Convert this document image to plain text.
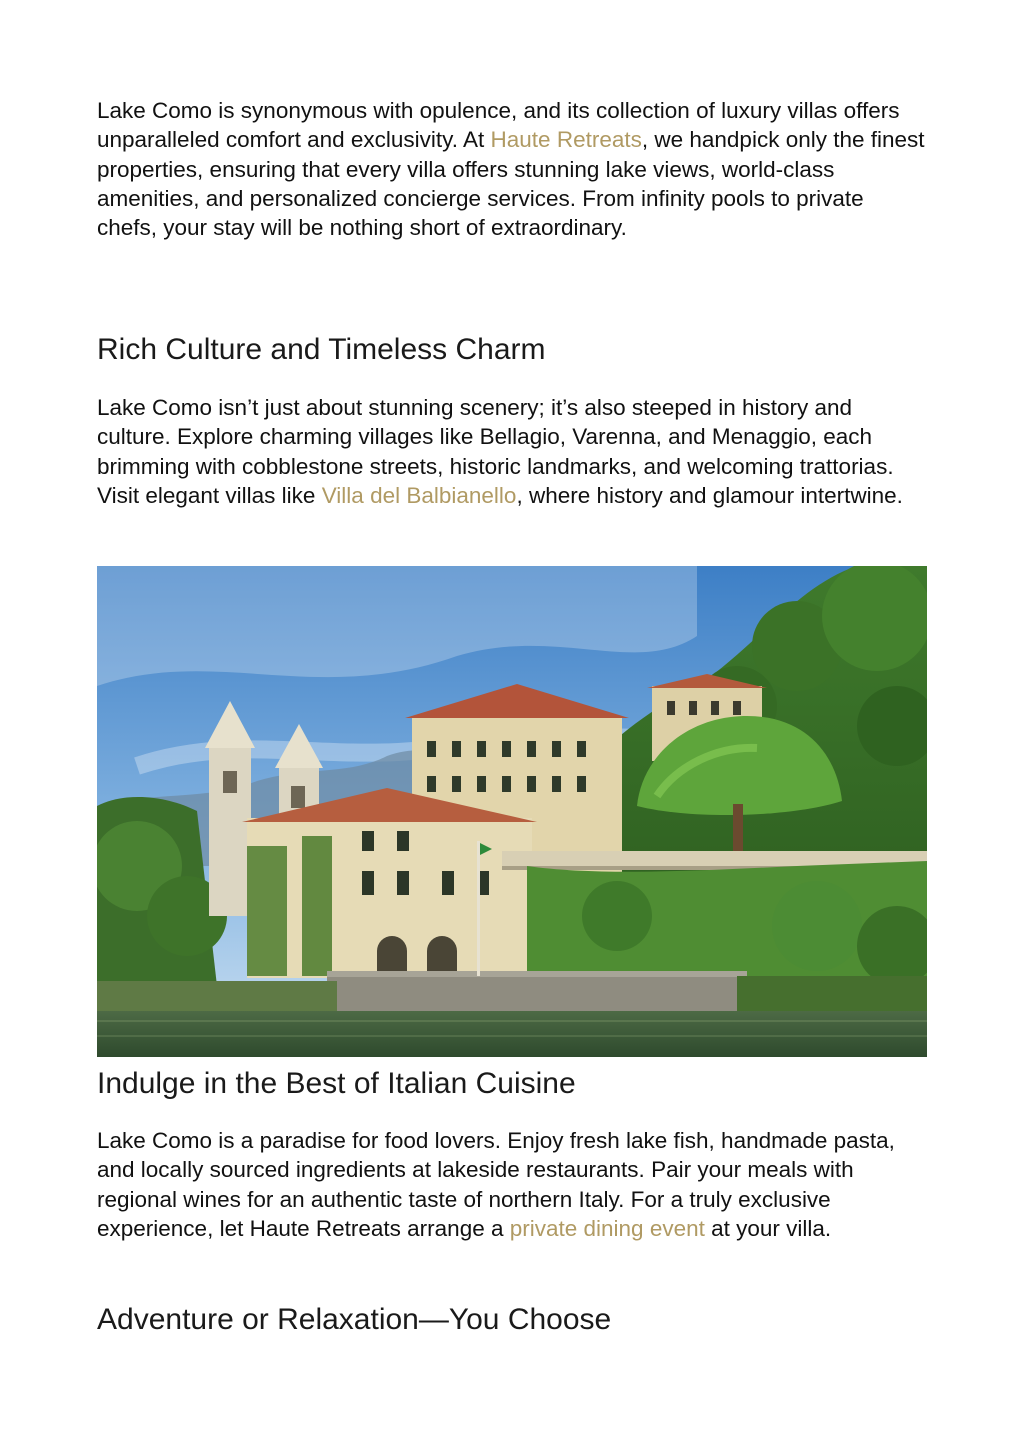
Lake Como is synonymous with opulence, and its collection of luxury villas offers unparalleled comfort and exclusivity. At Haute Retreats, we handpick only the finest properties, ensuring that every villa offers stunning lake views, world-class amenities, and personalized concierge services. From infinity pools to private chefs, your stay will be nothing short of extraordinary.

Rich Culture and Timeless Charm

Lake Como isn’t just about stunning scenery; it’s also steeped in history and culture. Explore charming villages like Bellagio, Varenna, and Menaggio, each brimming with cobblestone streets, historic landmarks, and welcoming trattorias. Visit elegant villas like Villa del Balbianello, where history and glamour intertwine.

Indulge in the Best of Italian Cuisine

Lake Como is a paradise for food lovers. Enjoy fresh lake fish, handmade pasta, and locally sourced ingredients at lakeside restaurants. Pair your meals with regional wines for an authentic taste of northern Italy. For a truly exclusive experience, let Haute Retreats arrange a private dining event at your villa.

Adventure or Relaxation—You Choose
